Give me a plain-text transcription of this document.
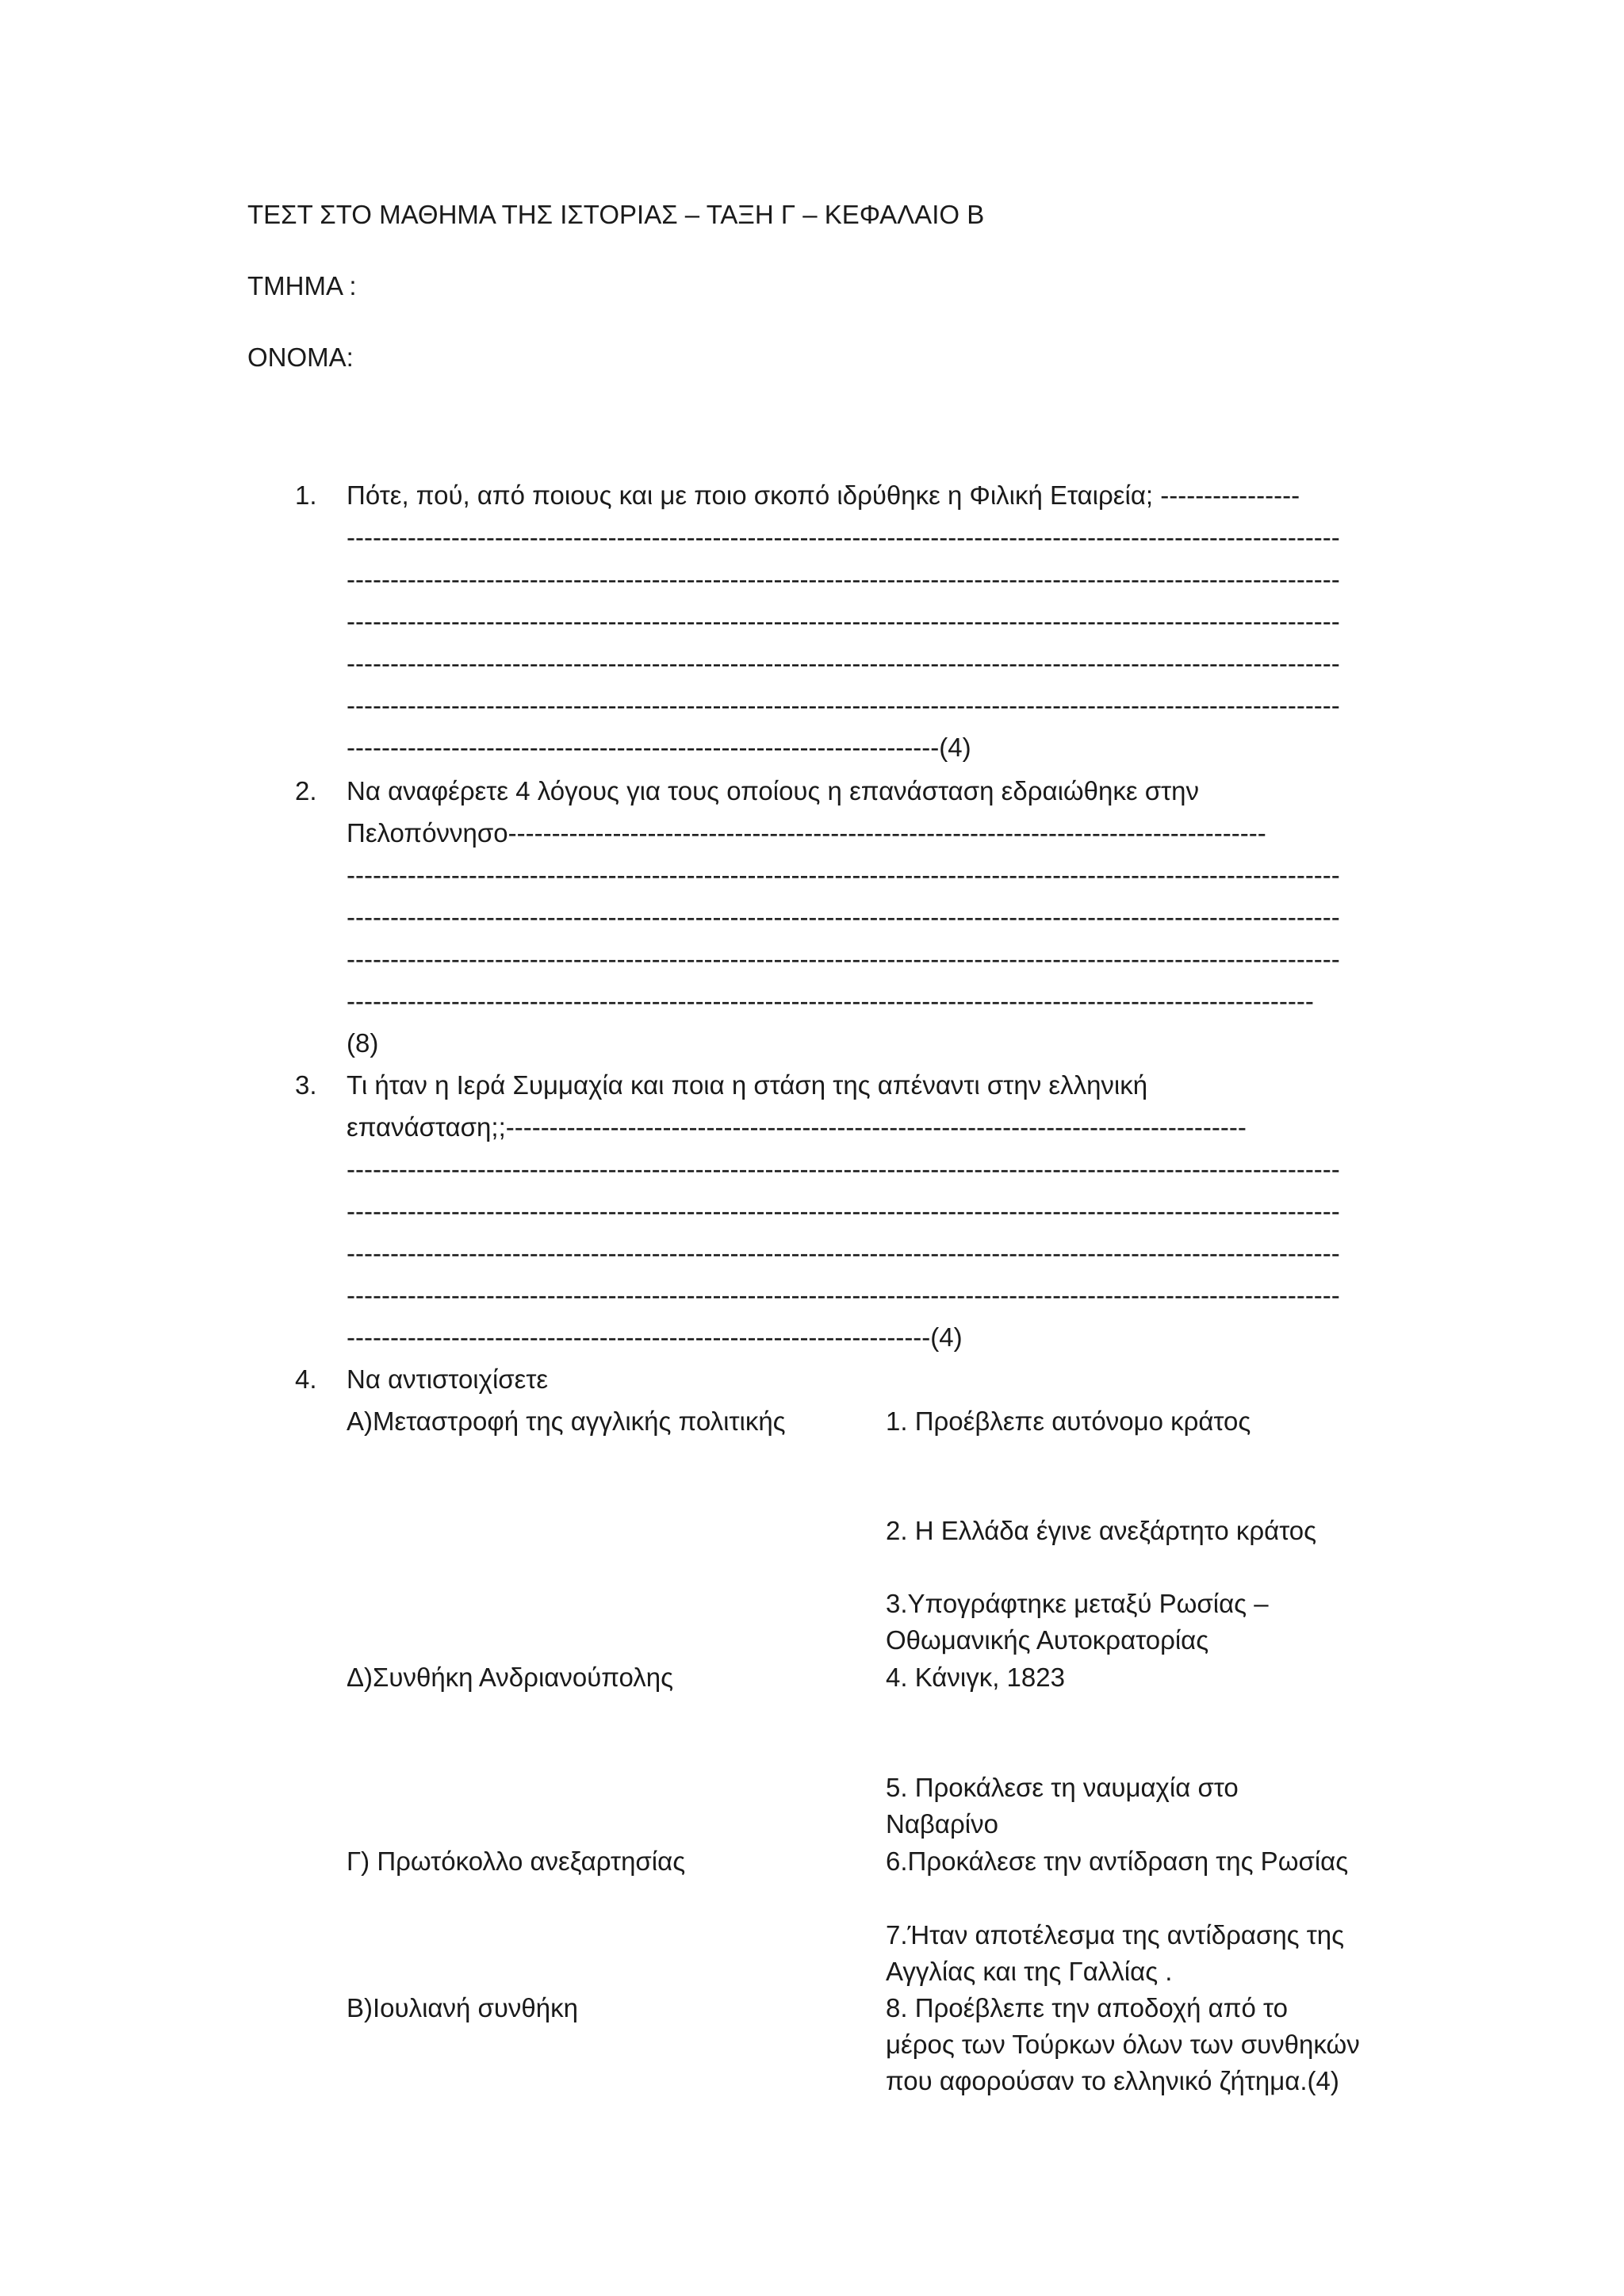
ΤΕΣΤ ΣΤΟ ΜΑΘΗΜΑ ΤΗΣ ΙΣΤΟΡΙΑΣ – ΤΑΞΗ Γ – ΚΕΦΑΛΑΙΟ Β
ΤΜΗΜΑ :
ΟΝΟΜΑ:
1. Πότε, πού, από ποιους και με ποιο σκοπό ιδρύθηκε η Φιλική Εταιρεία; ----------------
------------------------------------------------------------------------------------------------------------------
------------------------------------------------------------------------------------------------------------------
------------------------------------------------------------------------------------------------------------------
------------------------------------------------------------------------------------------------------------------
------------------------------------------------------------------------------------------------------------------
--------------------------------------------------------------------(4)
2. Να αναφέρετε 4 λόγους για τους οποίους η επανάσταση εδραιώθηκε στην
Πελοπόννησο---------------------------------------------------------------------------------------
------------------------------------------------------------------------------------------------------------------
------------------------------------------------------------------------------------------------------------------
------------------------------------------------------------------------------------------------------------------
---------------------------------------------------------------------------------------------------------------
(8)
3. Τι ήταν η Ιερά Συμμαχία και ποια η στάση της απέναντι στην ελληνική
επανάσταση;;-------------------------------------------------------------------------------------
------------------------------------------------------------------------------------------------------------------
------------------------------------------------------------------------------------------------------------------
------------------------------------------------------------------------------------------------------------------
------------------------------------------------------------------------------------------------------------------
-------------------------------------------------------------------(4)
4. Να αντιστοιχίσετε
Α)Μεταστροφή της αγγλικής πολιτικής
Δ)Συνθήκη Ανδριανούπολης
Γ) Πρωτόκολλο ανεξαρτησίας
Β)Ιουλιανή συνθήκη
1. Προέβλεπε αυτόνομο κράτος
2. Η Ελλάδα έγινε ανεξάρτητο κράτος
3.Υπογράφτηκε μεταξύ Ρωσίας –
Οθωμανικής Αυτοκρατορίας
4. Κάνιγκ, 1823
5. Προκάλεσε τη ναυμαχία στο
Ναβαρίνο
6.Προκάλεσε την αντίδραση της Ρωσίας
7.Ήταν αποτέλεσμα της αντίδρασης της
Αγγλίας και της Γαλλίας .
8. Προέβλεπε την αποδοχή από το
μέρος των Τούρκων όλων των συνθηκών
που αφορούσαν το ελληνικό ζήτημα.(4)
